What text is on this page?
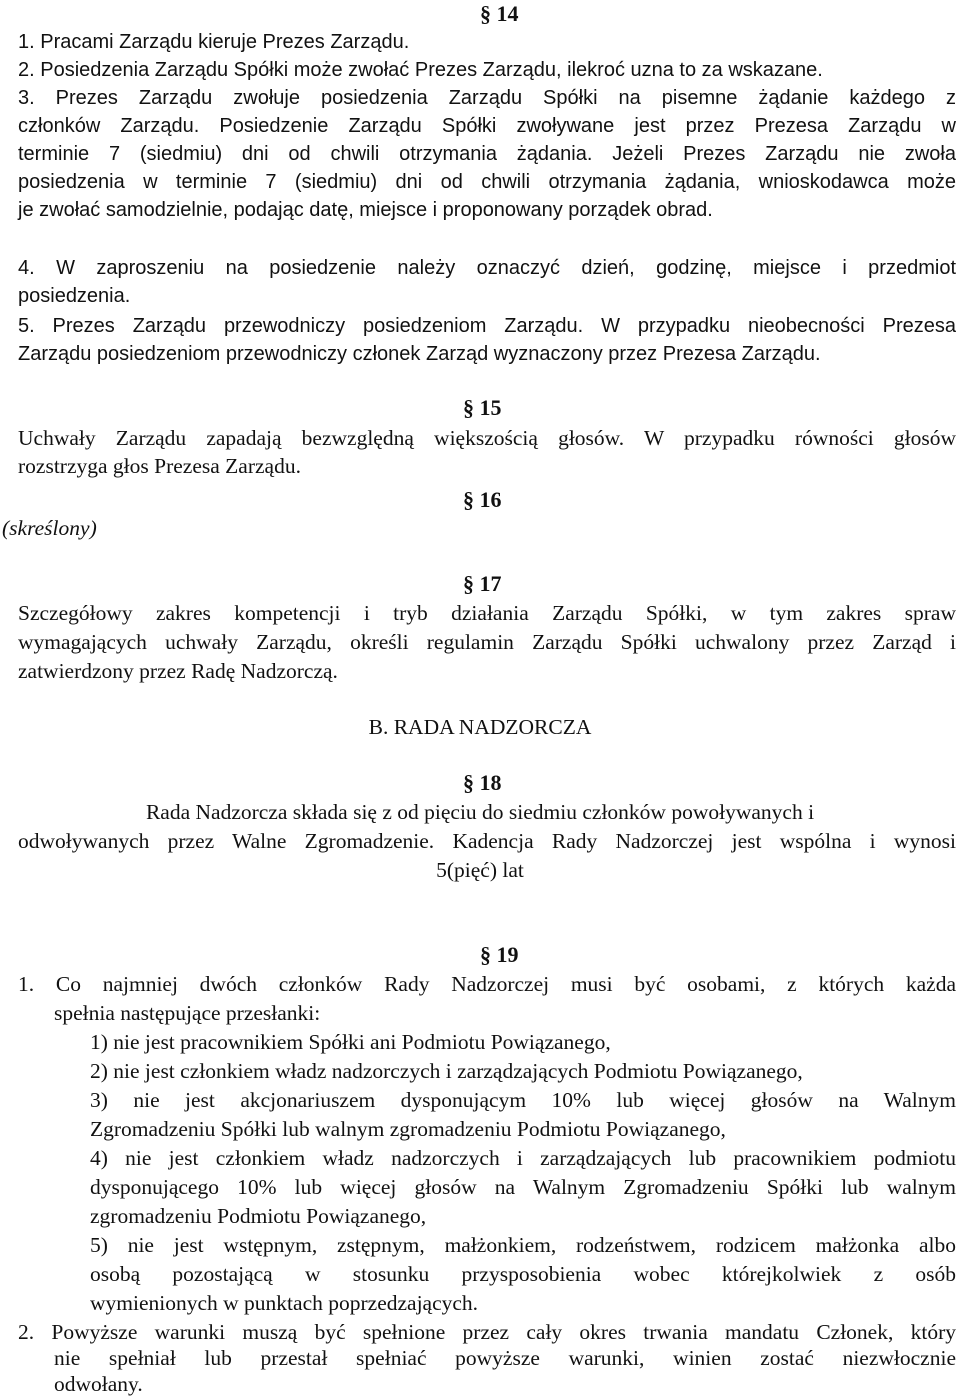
§ 14
1. Pracami Zarządu kieruje Prezes Zarządu.
2. Posiedzenia Zarządu Spółki może zwołać Prezes Zarządu, ilekroć uzna to za wskazane.
3. Prezes Zarządu zwołuje posiedzenia Zarządu Spółki na pisemne żądanie każdego z
członków Zarządu. Posiedzenie Zarządu Spółki zwoływane jest przez Prezesa Zarządu w
terminie 7 (siedmiu) dni od chwili otrzymania żądania. Jeżeli Prezes Zarządu nie zwoła
posiedzenia w terminie 7 (siedmiu) dni od chwili otrzymania żądania, wnioskodawca może
je zwołać samodzielnie, podając datę, miejsce i proponowany porządek obrad.
4. W zaproszeniu na posiedzenie należy oznaczyć dzień, godzinę, miejsce i przedmiot
posiedzenia.
5. Prezes Zarządu przewodniczy posiedzeniom Zarządu. W przypadku nieobecności Prezesa
Zarządu posiedzeniom przewodniczy członek Zarząd wyznaczony przez Prezesa Zarządu.
§ 15
Uchwały Zarządu zapadają bezwzględną większością głosów. W przypadku równości głosów
rozstrzyga głos Prezesa Zarządu.
§ 16
(skreślony)
§ 17
Szczegółowy zakres kompetencji i tryb działania Zarządu Spółki, w tym zakres spraw
wymagających uchwały Zarządu, określi regulamin Zarządu Spółki uchwalony przez Zarząd i
zatwierdzony przez Radę Nadzorczą.
B. RADA NADZORCZA
§ 18
Rada Nadzorcza składa się z od pięciu do siedmiu członków powoływanych i
odwoływanych przez Walne Zgromadzenie. Kadencja Rady Nadzorczej jest wspólna i wynosi
5(pięć) lat
§ 19
1. Co najmniej dwóch członków Rady Nadzorczej musi być osobami, z których każda
spełnia następujące przesłanki:
1) nie jest pracownikiem Spółki ani Podmiotu Powiązanego,
2) nie jest członkiem władz nadzorczych i zarządzających Podmiotu Powiązanego,
3) nie jest akcjonariuszem dysponującym 10% lub więcej głosów na Walnym
Zgromadzeniu Spółki lub walnym zgromadzeniu Podmiotu Powiązanego,
4) nie jest członkiem władz nadzorczych i zarządzających lub pracownikiem podmiotu
dysponującego 10% lub więcej głosów na Walnym Zgromadzeniu Spółki lub walnym
zgromadzeniu Podmiotu Powiązanego,
5) nie jest wstępnym, zstępnym, małżonkiem, rodzeństwem, rodzicem małżonka albo
osobą pozostającą w stosunku przysposobienia wobec którejkolwiek z osób
wymienionych w punktach poprzedzających.
2. Powyższe warunki muszą być spełnione przez cały okres trwania mandatu Członek, który
nie spełniał lub przestał spełniać powyższe warunki, winien zostać niezwłocznie
odwołany.
